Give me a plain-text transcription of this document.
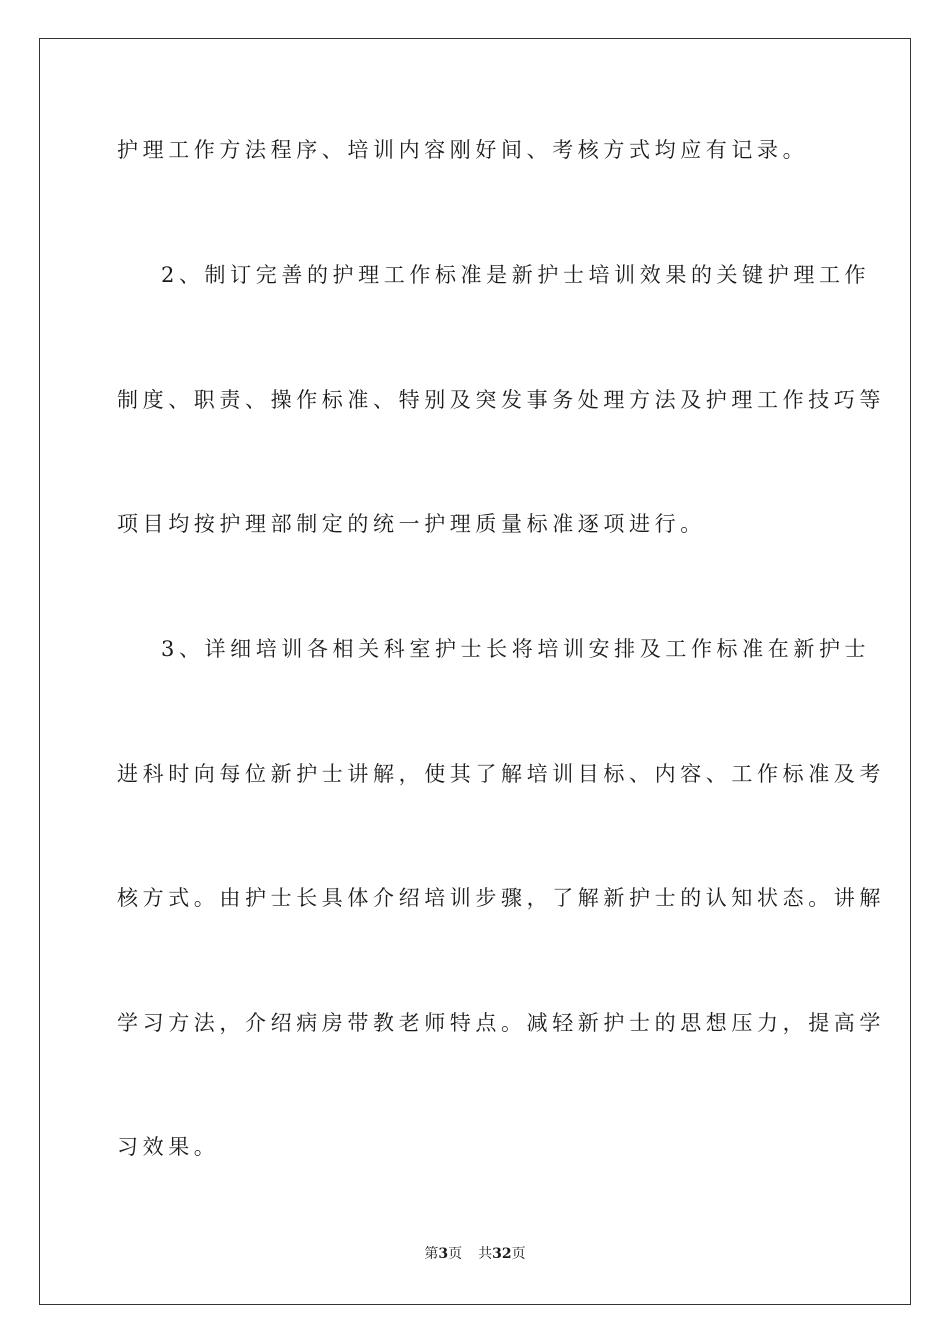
护理工作方法程序、培训内容刚好间、考核方式均应有记录。
2、制订完善的护理工作标准是新护士培训效果的关键护理工作
制度、职责、操作标准、特别及突发事务处理方法及护理工作技巧等
项目均按护理部制定的统一护理质量标准逐项进行。
3、详细培训各相关科室护士长将培训安排及工作标准在新护士
进科时向每位新护士讲解，使其了解培训目标、内容、工作标准及考
核方式。由护士长具体介绍培训步骤，了解新护士的认知状态。讲解
学习方法，介绍病房带教老师特点。减轻新护士的思想压力，提高学
习效果。
第3页 共32页
